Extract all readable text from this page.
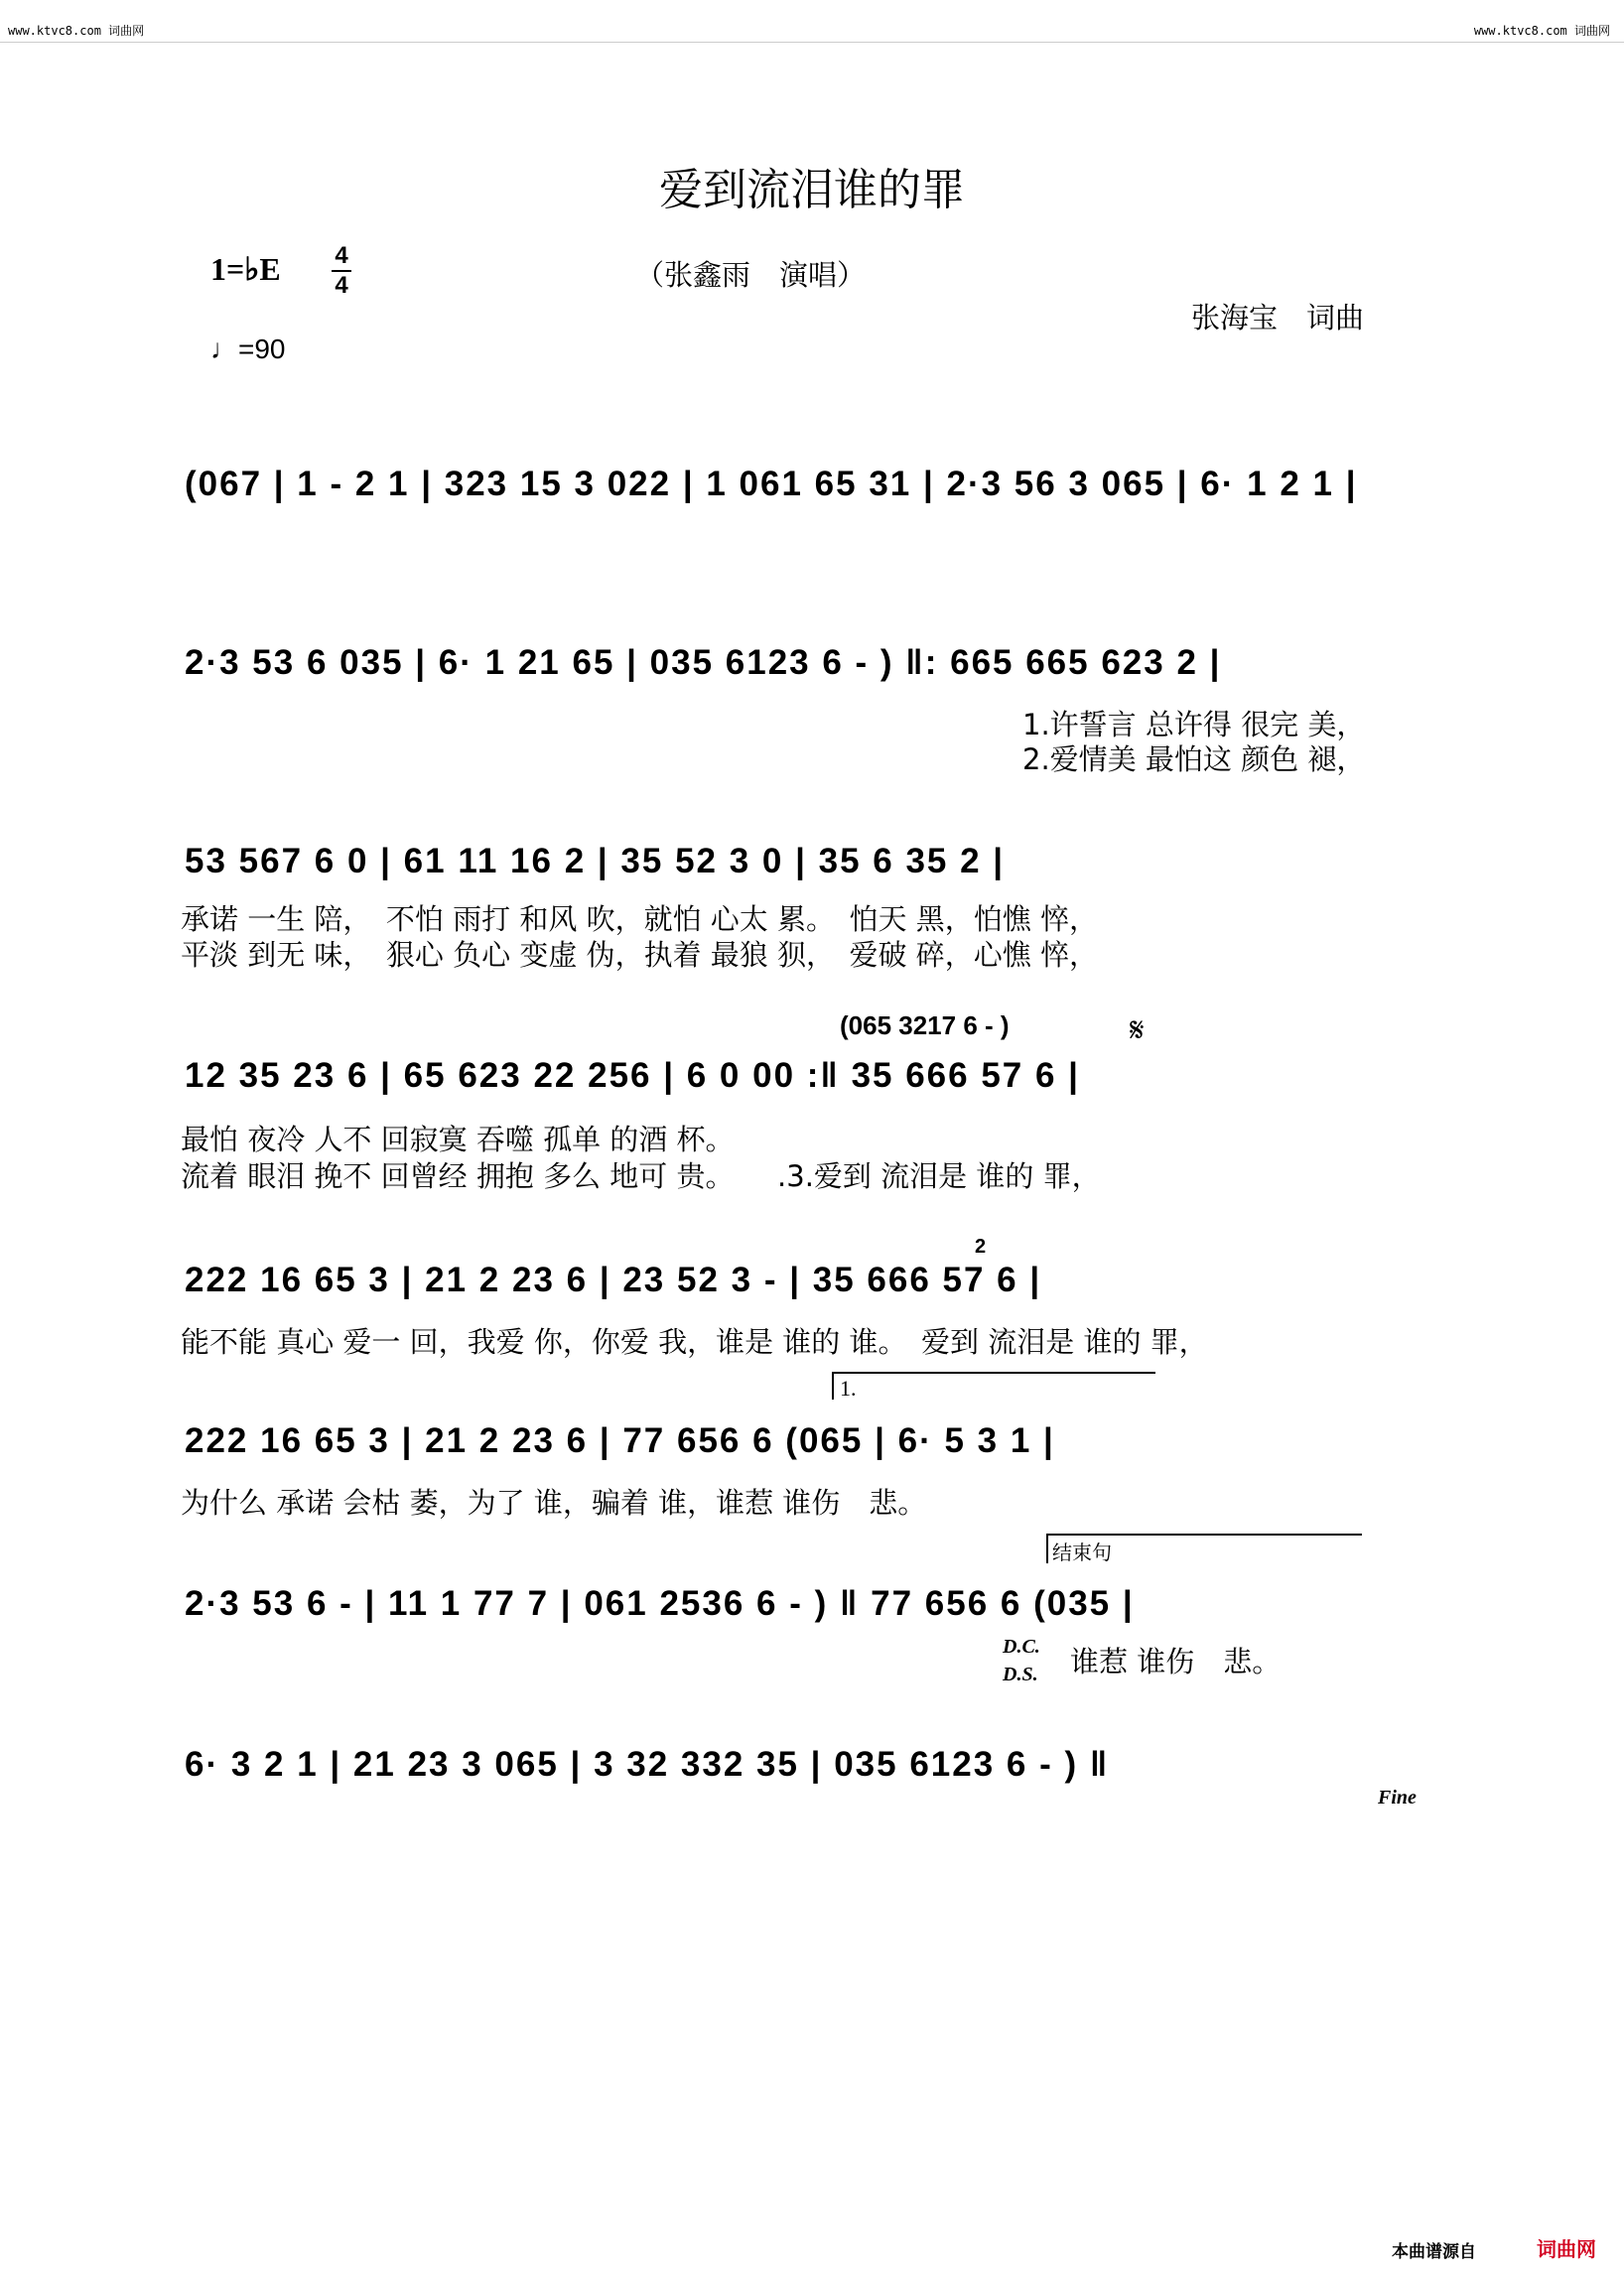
www.ktvc8.com 词曲网	www.ktvc8.com 词曲网
爱到流泪谁的罪
1=♭E 4
4
♩=90
（张鑫雨　演唱）
张海宝　词曲
(067 | 1 - 2 1 | 323 15 3 022 | 1 061 65 31 | 2·3 56 3 065 | 6· 1 2 1 |
2·3 53 6 035 | 6· 1 21 65 | 035 6123 6 - ) ‖: 665 665 623 2 |
1.许誓言 总许得 很完 美，
2.爱情美 最怕这 颜色 褪，
53 567 6 0 | 61 11 16 2 | 35 52 3 0 | 35 6 35 2 |
承诺 一生 陪，　不怕 雨打 和风 吹，就怕 心太 累。　怕天 黑，怕憔 悴，
平淡 到无 味，　狠心 负心 变虚 伪，执着 最狼 狈，　爱破 碎，心憔 悴，
(065 3217 6 - )	𝄋
12 35 23 6 | 65 623 22 256 | 6 0 00 :‖ 35 666 57 6 |
最怕 夜冷 人不 回寂寞 吞噬 孤单 的酒 杯。
流着 眼泪 挽不 回曾经 拥抱 多么 地可 贵。　　.3.爱到 流泪是 谁的 罪，
2
222 16 65 3 | 21 2 23 6 | 23 52 3 - | 35 666 57 6 |
能不能 真心 爱一 回，我爱 你，你爱 我，谁是 谁的 谁。　爱到 流泪是 谁的 罪，
1.
222 16 65 3 | 21 2 23 6 | 77 656 6 (065 | 6· 5 3 1 |
为什么 承诺 会枯 萎，为了 谁，骗着 谁，谁惹 谁伤　悲。
结束句
2·3 53 6 - | 11 1 77 7 | 061 2536 6 - ) ‖ 77 656 6 (035 |
D.C.
D.S. 谁惹 谁伤　悲。
6· 3 2 1 | 21 23 3 065 | 3 32 332 35 | 035 6123 6 - ) ‖
Fine
本曲谱源自	词曲网
